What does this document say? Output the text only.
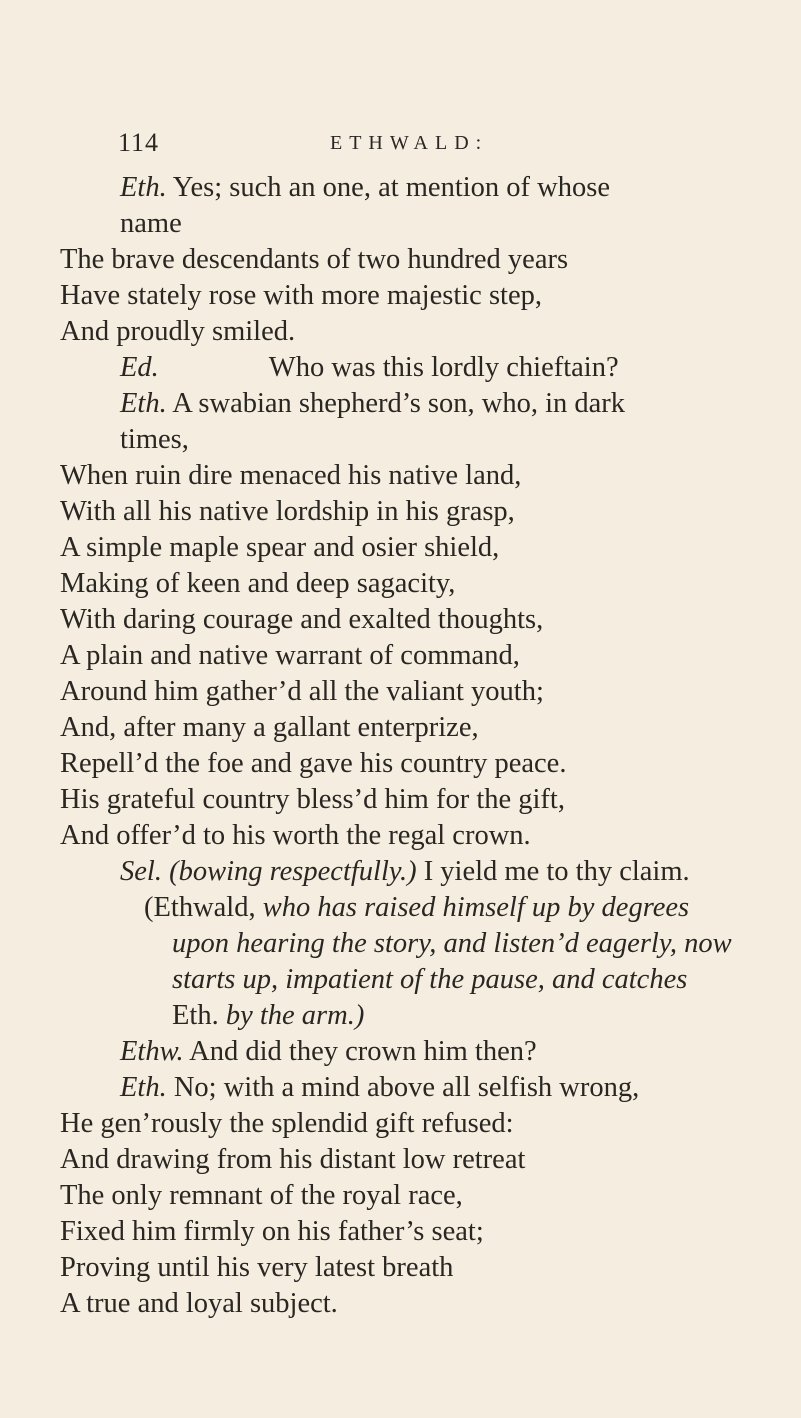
114	ETHWALD:
Eth. Yes; such an one, at mention of whose
name
The brave descendants of two hundred years
Have stately rose with more majestic step,
And proudly smiled.
Ed.	Who was this lordly chieftain?
Eth. A swabian shepherd’s son, who, in dark
times,
When ruin dire menaced his native land,
With all his native lordship in his grasp,
A simple maple spear and osier shield,
Making of keen and deep sagacity,
With daring courage and exalted thoughts,
A plain and native warrant of command,
Around him gather’d all the valiant youth;
And, after many a gallant enterprize,
Repell’d the foe and gave his country peace.
His grateful country bless’d him for the gift,
And offer’d to his worth the regal crown.
Sel. (bowing respectfully.) I yield me to thy claim.
(Ethwald, who has raised himself up by degrees
upon hearing the story, and listen’d eagerly, now
starts up, impatient of the pause, and catches
Eth. by the arm.)
Ethw. And did they crown him then?
Eth. No; with a mind above all selfish wrong,
He gen’rously the splendid gift refused:
And drawing from his distant low retreat
The only remnant of the royal race,
Fixed him firmly on his father’s seat;
Proving until his very latest breath
A true and loyal subject.
